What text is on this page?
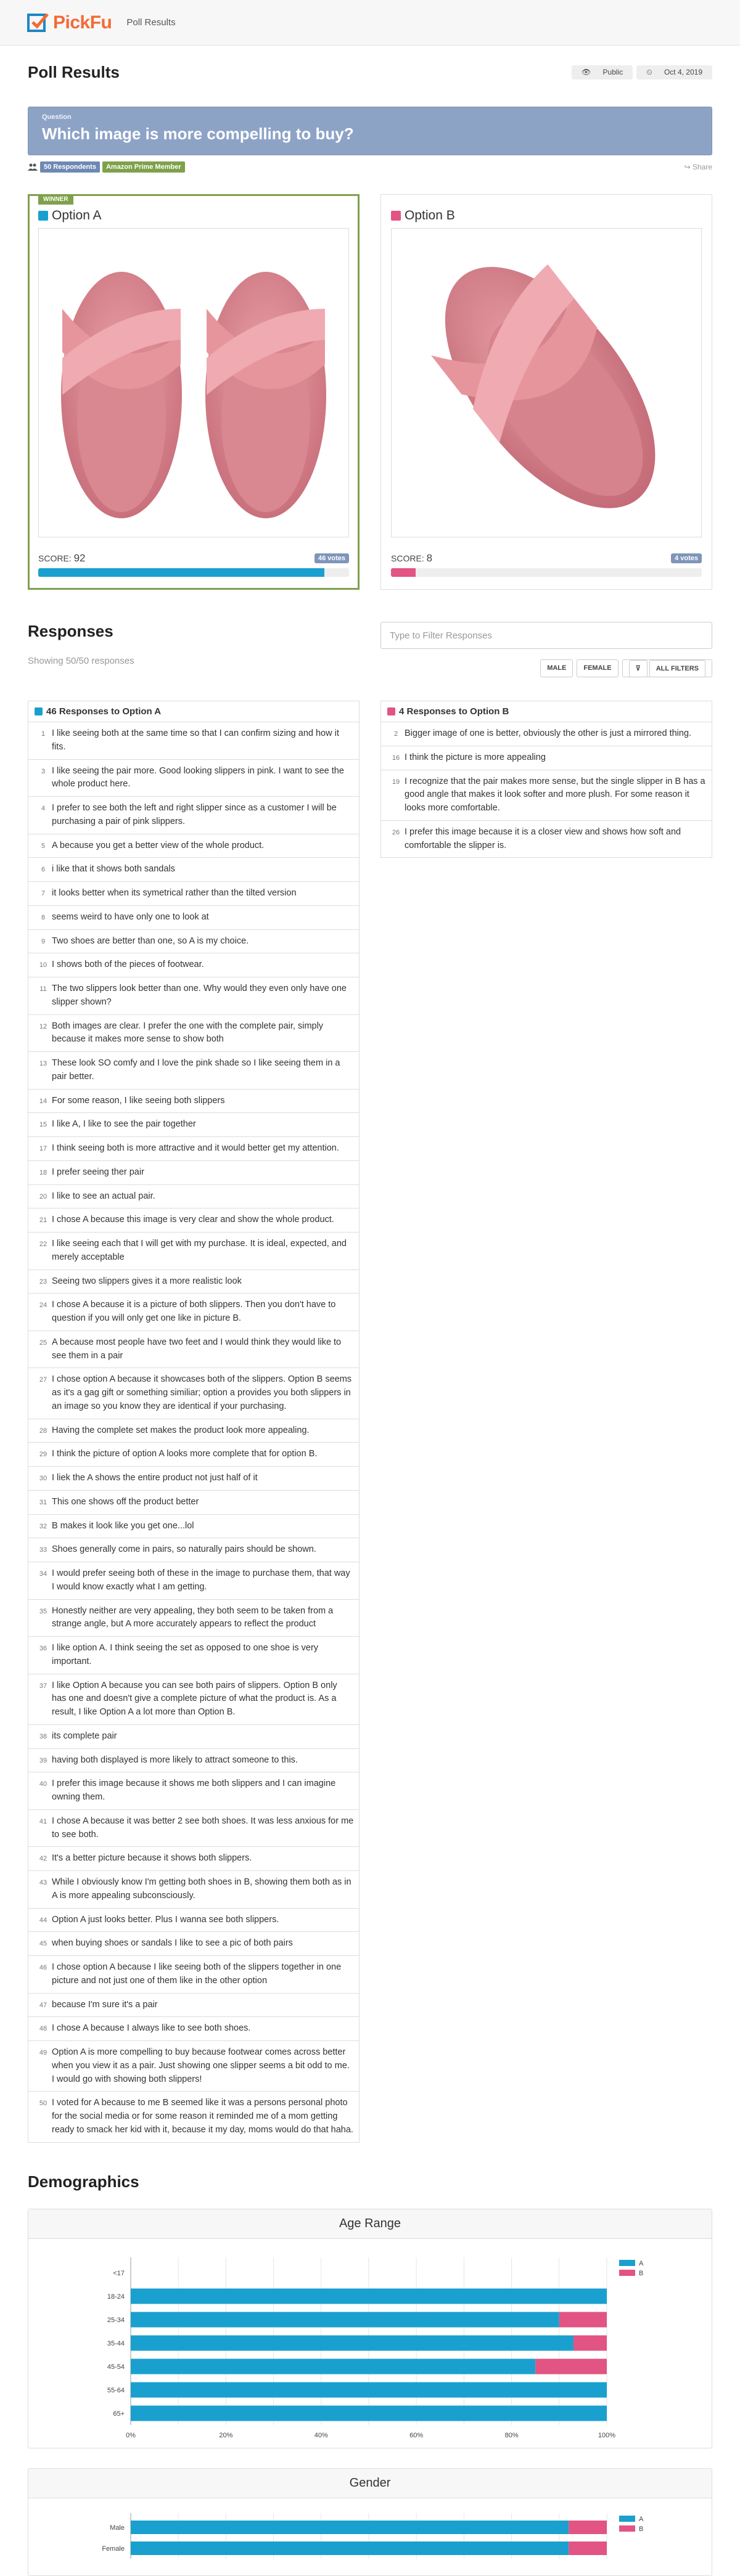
PickFu Poll Results
Poll Results	👁 Public	⏲ Oct 4, 2019
Question
Which image is more compelling to buy?
50 Respondents	Amazon Prime Member	↪ Share
WINNER
Option A
SCORE: 92	46 votes
Option B
SCORE: 8	4 votes
Responses
Showing 50/50 responses
Type to Filter Responses
MALE	FEMALE	⊽ ALL FILTERS
46 Responses to Option A
1 I like seeing both at the same time so that I can confirm sizing and how it fits.
3 I like seeing the pair more. Good looking slippers in pink. I want to see the whole product here.
4 I prefer to see both the left and right slipper since as a customer I will be purchasing a pair of pink slippers.
5 A because you get a better view of the whole product.
6 i like that it shows both sandals
7 it looks better when its symetrical rather than the tilted version
8 seems weird to have only one to look at
9 Two shoes are better than one, so A is my choice.
10 I shows both of the pieces of footwear.
11 The two slippers look better than one. Why would they even only have one slipper shown?
12 Both images are clear. I prefer the one with the complete pair, simply because it makes more sense to show both
13 These look SO comfy and I love the pink shade so I like seeing them in a pair better.
14 For some reason, I like seeing both slippers
15 I like A, I like to see the pair together
17 I think seeing both is more attractive and it would better get my attention.
18 I prefer seeing ther pair
20 I like to see an actual pair.
21 I chose A because this image is very clear and show the whole product.
22 I like seeing each that I will get with my purchase. It is ideal, expected, and merely acceptable
23 Seeing two slippers gives it a more realistic look
24 I chose A because it is a picture of both slippers. Then you don't have to question if you will only get one like in picture B.
25 A because most people have two feet and I would think they would like to see them in a pair
27 I chose option A because it showcases both of the slippers. Option B seems as it's a gag gift or something similiar; option a provides you both slippers in an image so you know they are identical if your purchasing.
28 Having the complete set makes the product look more appealing.
29 I think the picture of option A looks more complete that for option B.
30 I liek the A shows the entire product not just half of it
31 This one shows off the product better
32 B makes it look like you get one...lol
33 Shoes generally come in pairs, so naturally pairs should be shown.
34 I would prefer seeing both of these in the image to purchase them, that way I would know exactly what I am getting.
35 Honestly neither are very appealing, they both seem to be taken from a strange angle, but A more accurately appears to reflect the product
36 I like option A. I think seeing the set as opposed to one shoe is very important.
37 I like Option A because you can see both pairs of slippers. Option B only has one and doesn't give a complete picture of what the product is. As a result, I like Option A a lot more than Option B.
38 its complete pair
39 having both displayed is more likely to attract someone to this.
40 I prefer this image because it shows me both slippers and I can imagine owning them.
41 I chose A because it was better 2 see both shoes. It was less anxious for me to see both.
42 It's a better picture because it shows both slippers.
43 While I obviously know I'm getting both shoes in B, showing them both as in A is more appealing subconsciously.
44 Option A just looks better. Plus I wanna see both slippers.
45 when buying shoes or sandals I like to see a pic of both pairs
46 I chose option A because I like seeing both of the slippers together in one picture and not just one of them like in the other option
47 because I'm sure it's a pair
48 I chose A because I always like to see both shoes.
49 Option A is more compelling to buy because footwear comes across better when you view it as a pair. Just showing one slipper seems a bit odd to me. I would go with showing both slippers!
50 I voted for A because to me B seemed like it was a persons personal photo for the social media or for some reason it reminded me of a mom getting ready to smack her kid with it, because it my day, moms would do that haha.
4 Responses to Option B
2 Bigger image of one is better, obviously the other is just a mirrored thing.
16 I think the picture is more appealing
19 I recognize that the pair makes more sense, but the single slipper in B has a good angle that makes it look softer and more plush. For some reason it looks more comfortable.
26 I prefer this image because it is a closer view and shows how soft and comfortable the slipper is.
Demographics
Age Range
<17
18-24
25-34
35-44
45-54
55-64
65+
0%	20%	40%	60%	80%	100%
A
B
Gender
Male
Female
A
B
